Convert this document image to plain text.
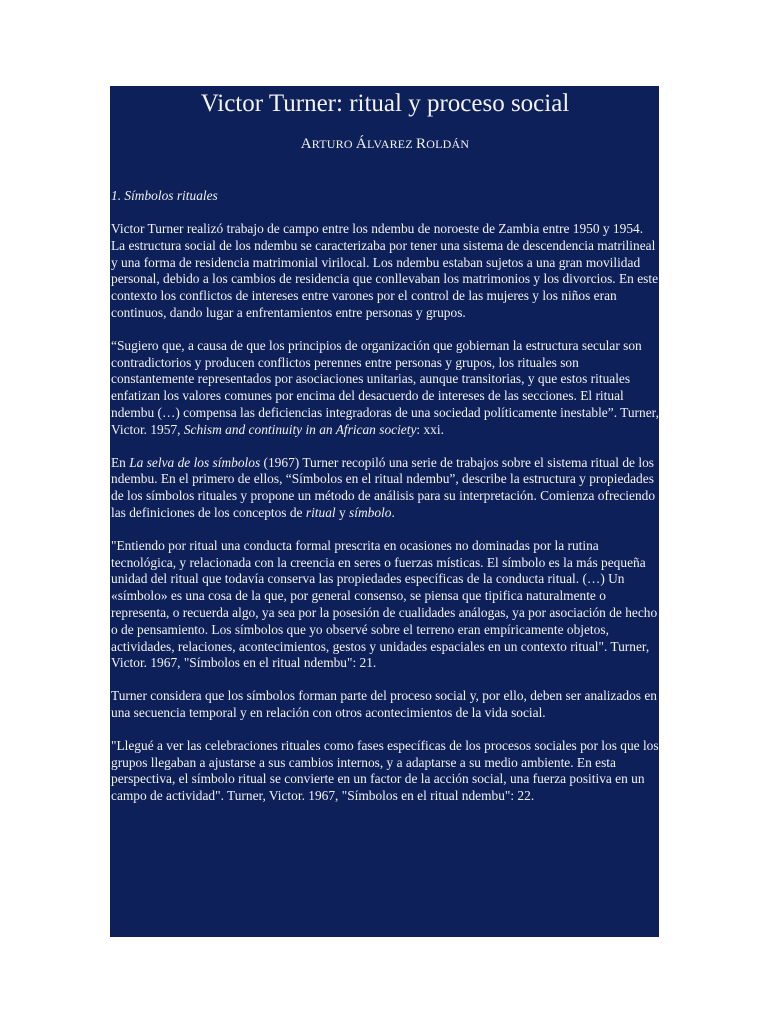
Victor Turner: ritual y proceso social
ARTURO ÁLVAREZ ROLDÁN
1. Símbolos rituales

Victor Turner realizó trabajo de campo entre los ndembu de noroeste de Zambia entre 1950 y 1954. La estructura social de los ndembu se caracterizaba por tener una sistema de descendencia matrilineal y una forma de residencia matrimonial virilocal. Los ndembu estaban sujetos a una gran movilidad personal, debido a los cambios de residencia que conllevaban los matrimonios y los divorcios. En este contexto los conflictos de intereses entre varones por el control de las mujeres y los niños eran continuos, dando lugar a enfrentamientos entre personas y grupos.

“Sugiero que, a causa de que los principios de organización que gobiernan la estructura secular son contradictorios y producen conflictos perennes entre personas y grupos, los rituales son constantemente representados por asociaciones unitarias, aunque transitorias, y que estos rituales enfatizan los valores comunes por encima del desacuerdo de intereses de las secciones. El ritual ndembu (…) compensa las deficiencias integradoras de una sociedad políticamente inestable”. Turner, Victor. 1957, Schism and continuity in an African society: xxi.

En La selva de los símbolos (1967) Turner recopiló una serie de trabajos sobre el sistema ritual de los ndembu. En el primero de ellos, “Símbolos en el ritual ndembu”, describe la estructura y propiedades de los símbolos rituales y propone un método de análisis para su interpretación. Comienza ofreciendo las definiciones de los conceptos de ritual y símbolo.

"Entiendo por ritual una conducta formal prescrita en ocasiones no dominadas por la rutina tecnológica, y relacionada con la creencia en seres o fuerzas místicas. El símbolo es la más pequeña unidad del ritual que todavía conserva las propiedades específicas de la conducta ritual. (…) Un «símbolo» es una cosa de la que, por general consenso, se piensa que tipifica naturalmente o representa, o recuerda algo, ya sea por la posesión de cualidades análogas, ya por asociación de hecho o de pensamiento. Los símbolos que yo observé sobre el terreno eran empíricamente objetos, actividades, relaciones, acontecimientos, gestos y unidades espaciales en un contexto ritual". Turner, Victor. 1967, "Símbolos en el ritual ndembu": 21.

Turner considera que los símbolos forman parte del proceso social y, por ello, deben ser analizados en una secuencia temporal y en relación con otros acontecimientos de la vida social.

"Llegué a ver las celebraciones rituales como fases específicas de los procesos sociales por los que los grupos llegaban a ajustarse a sus cambios internos, y a adaptarse a su medio ambiente. En esta perspectiva, el símbolo ritual se convierte en un factor de la acción social, una fuerza positiva en un campo de actividad". Turner, Victor. 1967, "Símbolos en el ritual ndembu": 22.
